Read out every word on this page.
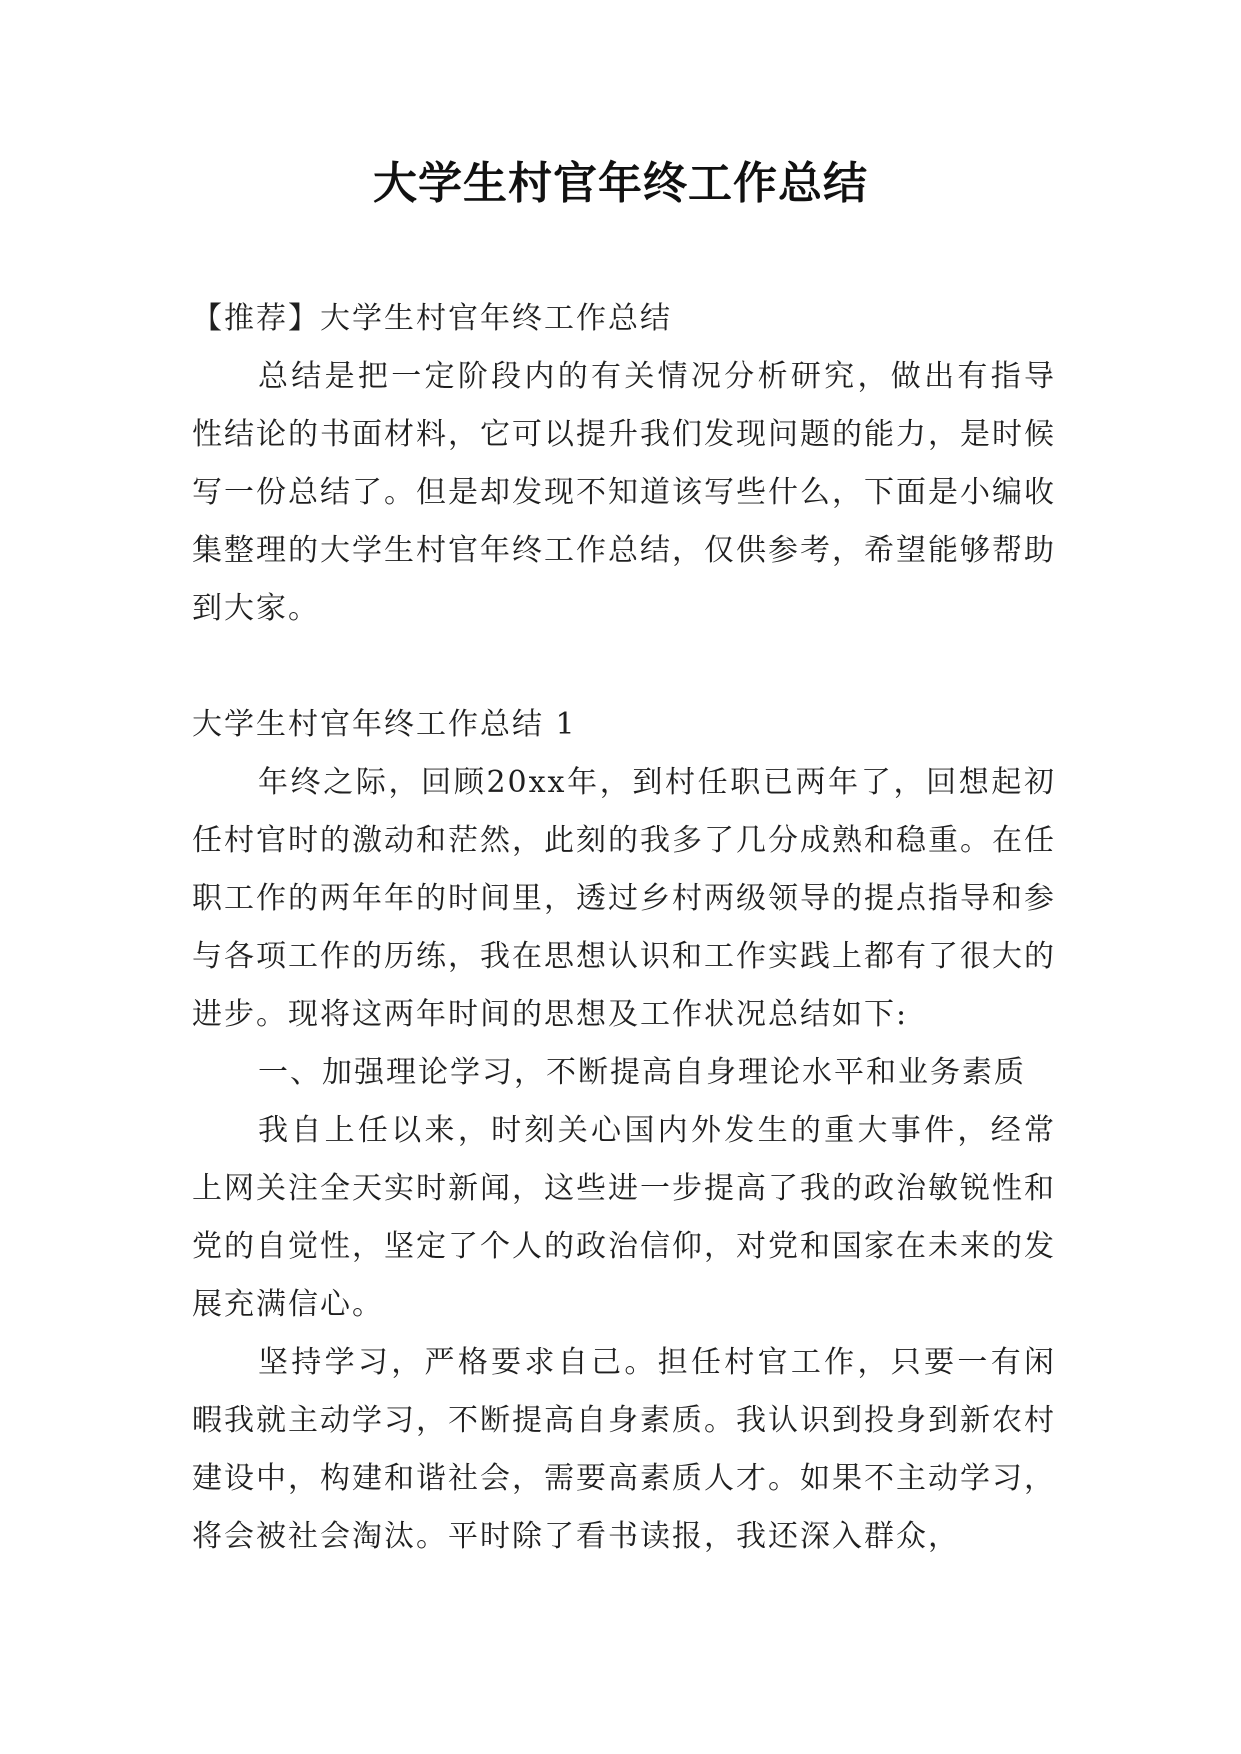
大学生村官年终工作总结

【推荐】大学生村官年终工作总结

总结是把一定阶段内的有关情况分析研究，做出有指导性结论的书面材料，它可以提升我们发现问题的能力，是时候写一份总结了。但是却发现不知道该写些什么，下面是小编收集整理的大学生村官年终工作总结，仅供参考，希望能够帮助到大家。

大学生村官年终工作总结 1

年终之际，回顾20xx年，到村任职已两年了，回想起初任村官时的激动和茫然，此刻的我多了几分成熟和稳重。在任职工作的两年年的时间里，透过乡村两级领导的提点指导和参与各项工作的历练，我在思想认识和工作实践上都有了很大的进步。现将这两年时间的思想及工作状况总结如下:

一、加强理论学习，不断提高自身理论水平和业务素质

我自上任以来，时刻关心国内外发生的重大事件，经常上网关注全天实时新闻，这些进一步提高了我的政治敏锐性和党的自觉性，坚定了个人的政治信仰，对党和国家在未来的发展充满信心。

坚持学习，严格要求自己。担任村官工作，只要一有闲暇我就主动学习，不断提高自身素质。我认识到投身到新农村建设中，构建和谐社会，需要高素质人才。如果不主动学习，将会被社会淘汰。平时除了看书读报，我还深入群众，
